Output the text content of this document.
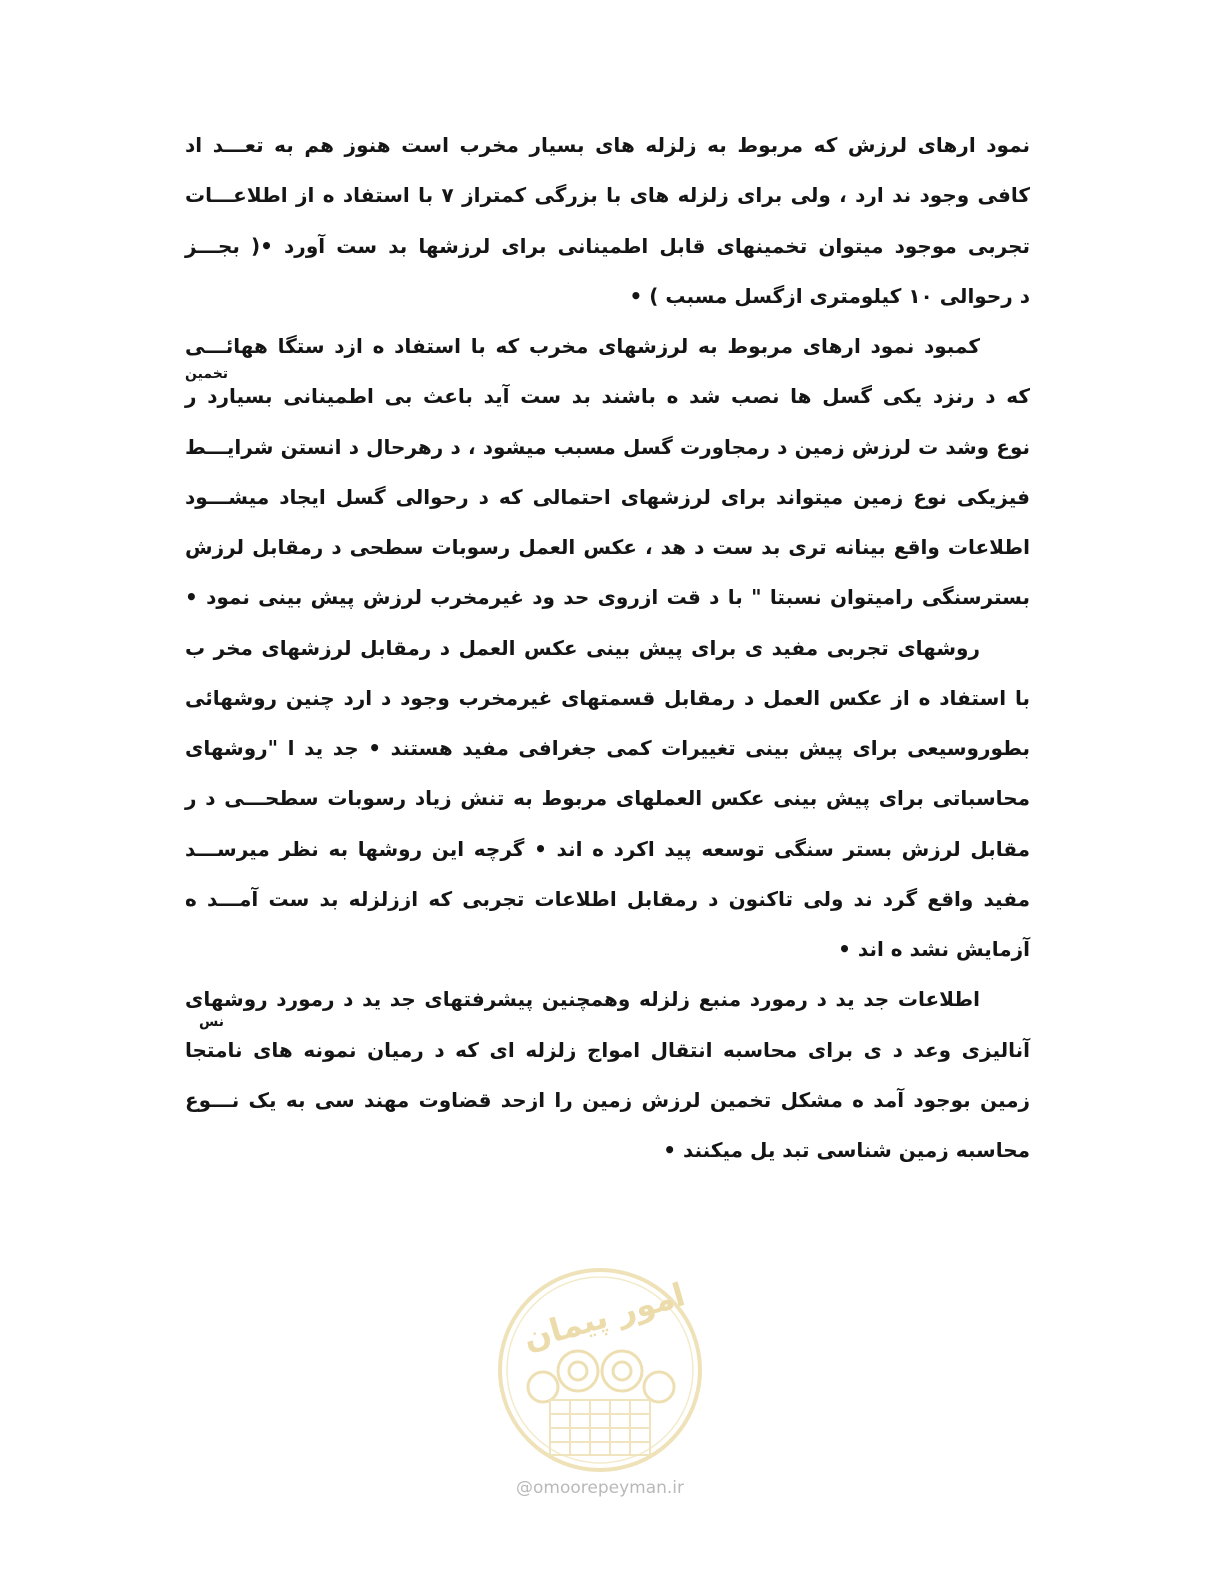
نمود ارهای لرزش که مربوط به زلزله های بسیار مخرب است هنوز هم به تعـــد اد
کافی وجود ند ارد ، ولی برای زلزله های با بزرگی کمتراز ۷ با استفاد ه از اطلاعـــات
تجربی موجود میتوان تخمینهای قابل اطمینانی برای لرزشها بد ست آورد •( بجـــز
د رحوالی ۱۰ کیلومتری ازگسل مسبب ) •
کمبود نمود ارهای مربوط به لرزشهای مخرب که با استفاد ه ازد ستگا ههائـــی
که د رنزد یکی گسل ها نصب شد ه باشند بد ست آید باعث بی اطمینانی بسیارد ر
تخمین
نوع وشد ت لرزش زمین د رمجاورت گسل مسبب میشود ، د رهرحال د انستن شرایـــط
فیزیکی نوع زمین میتواند برای لرزشهای احتمالی که د رحوالی گسل ایجاد میشـــود
اطلاعات واقع بینانه تری بد ست د هد ، عکس العمل رسوبات سطحی د رمقابل لرزش
بسترسنگی رامیتوان نسبتا " با د قت ازروی حد ود غیرمخرب لرزش پیش بینی نمود •
روشهای تجربی مفید ی برای پیش بینی عکس العمل د رمقابل لرزشهای مخر ب
با استفاد ه از عکس العمل د رمقابل قسمتهای غیرمخرب وجود د ارد چنین روشهائی
بطوروسیعی برای پیش بینی تغییرات کمی جغرافی مفید هستند • جد ید ا "روشهای
محاسباتی برای پیش بینی عکس العملهای مربوط به تنش زیاد رسوبات سطحـــی د ر
مقابل لرزش بستر سنگی توسعه پید اکرد ه اند • گرچه این روشها به نظر میرســـد
مفید واقع گرد ند ولی تاکنون د رمقابل اطلاعات تجربی که اززلزله بد ست آمـــد ه
آزمایش نشد ه اند •
اطلاعات جد ید د رمورد منبع زلزله وهمچنین پیشرفتهای جد ید د رمورد روشهای
آنالیزی وعد د ی برای محاسبه انتقال امواج زلزله ای که د رمیان نمونه های نامتجا
نس
زمین بوجود آمد ه مشکل تخمین لرزش زمین را ازحد قضاوت مهند سی به یک نـــوع
محاسبه زمین شناسی تبد یل میکنند •
امور پیمان
@omoorepeyman.ir
